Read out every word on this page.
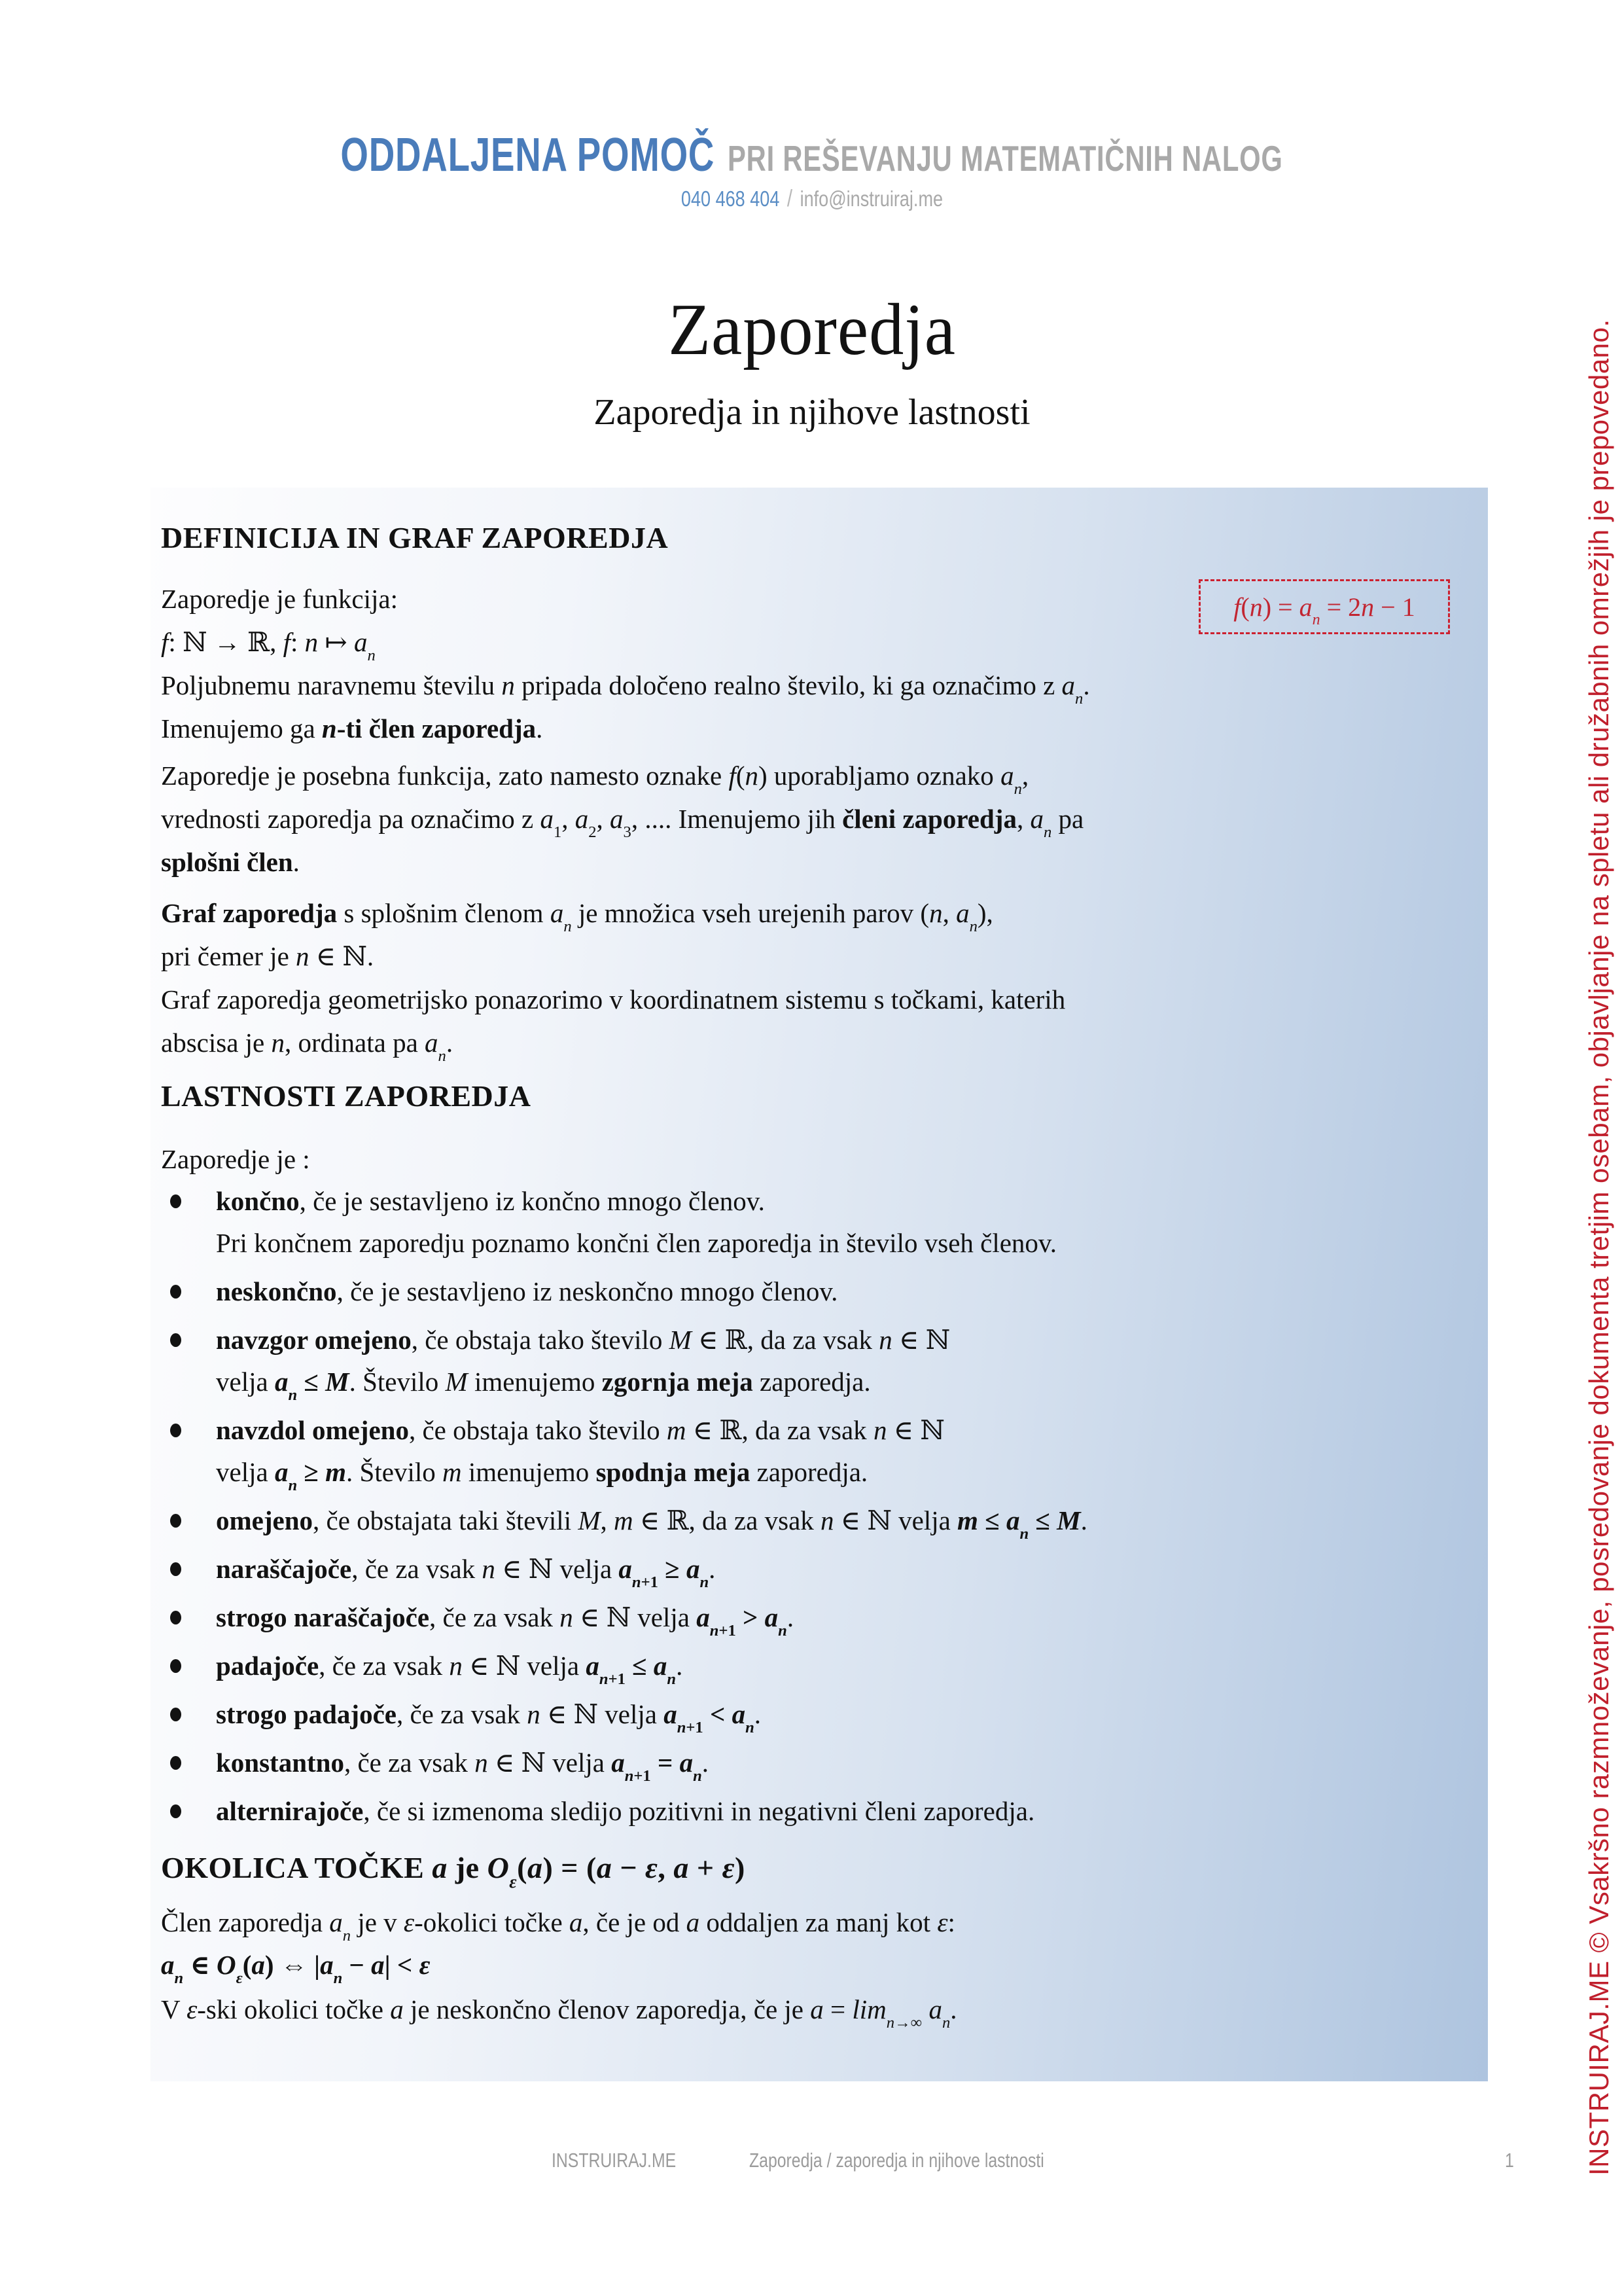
ODDALJENA POMOČ PRI REŠEVANJU MATEMATIČNIH NALOG
040 468 404 / info@instruiraj.me
Zaporedja
Zaporedja in njihove lastnosti
$f(n) = a_n = 2n - 1$
DEFINICIJA IN GRAF ZAPOREDJA

Zaporedje je funkcija:

f: ℕ → ℝ, f: n ↦ $a_n$

Poljubnemu naravnemu številu n pripada določeno realno število, ki ga označimo z $a_n$.
Imenujemo ga n-ti člen zaporedja.

Zaporedje je posebna funkcija, zato namesto oznake f(n) uporabljamo oznako $a_n$,
vrednosti zaporedja pa označimo z $a_1$, $a_2$, $a_3$, .... Imenujemo jih členi zaporedja, $a_n$ pa
splošni člen.

Graf zaporedja s splošnim členom $a_n$ je množica vseh urejenih parov (n, $a_n$),
pri čemer je n ∈ ℕ.
Graf zaporedja geometrijsko ponazorimo v koordinatnem sistemu s točkami, katerih
abscisa je n, ordinata pa $a_n$.

LASTNOSTI ZAPOREDJA

Zaporedje je :

končno, če je sestavljeno iz končno mnogo členov.
Pri končnem zaporedju poznamo končni člen zaporedja in število vseh členov.
neskončno, če je sestavljeno iz neskončno mnogo členov.
navzgor omejeno, če obstaja tako število M ∈ ℝ, da za vsak n ∈ ℕ
velja $a_n \le M$. Število M imenujemo zgornja meja zaporedja.
navzdol omejeno, če obstaja tako število m ∈ ℝ, da za vsak n ∈ ℕ
velja $a_n \ge m$. Število m imenujemo spodnja meja zaporedja.
omejeno, če obstajata taki števili M, m ∈ ℝ, da za vsak n ∈ ℕ velja $m \le a_n \le M$.
naraščajoče, če za vsak n ∈ ℕ velja $a_{n+1} \ge a_n$.
strogo naraščajoče, če za vsak n ∈ ℕ velja $a_{n+1} > a_n$.
padajoče, če za vsak n ∈ ℕ velja $a_{n+1} \le a_n$.
strogo padajoče, če za vsak n ∈ ℕ velja $a_{n+1} < a_n$.
konstantno, če za vsak n ∈ ℕ velja $a_{n+1} = a_n$.
alternirajoče, če si izmenoma sledijo pozitivni in negativni členi zaporedja.
OKOLICA TOČKE a je $O_\varepsilon(a) = (a - \varepsilon$, a + ε)

Člen zaporedja $a_n$ je v ε-okolici točke a, če je od a oddaljen za manj kot ε:

$a_n$ ∈ $O_\varepsilon(a)$ ⇔ $|a_n - a| < \varepsilon$

V ε-ski okolici točke a je neskončno členov zaporedja, če je $a = \lim_{n\to\infty} a_n$.

INSTRUIRAJ.ME	Zaporedja / zaporedja in njihove lastnosti	1	INSTRUIRAJ.ME © Vsakršno razmnoževanje, posredovanje dokumenta tretjim osebam, objavljanje na spletu ali družabnih omrežjih je prepovedano.
